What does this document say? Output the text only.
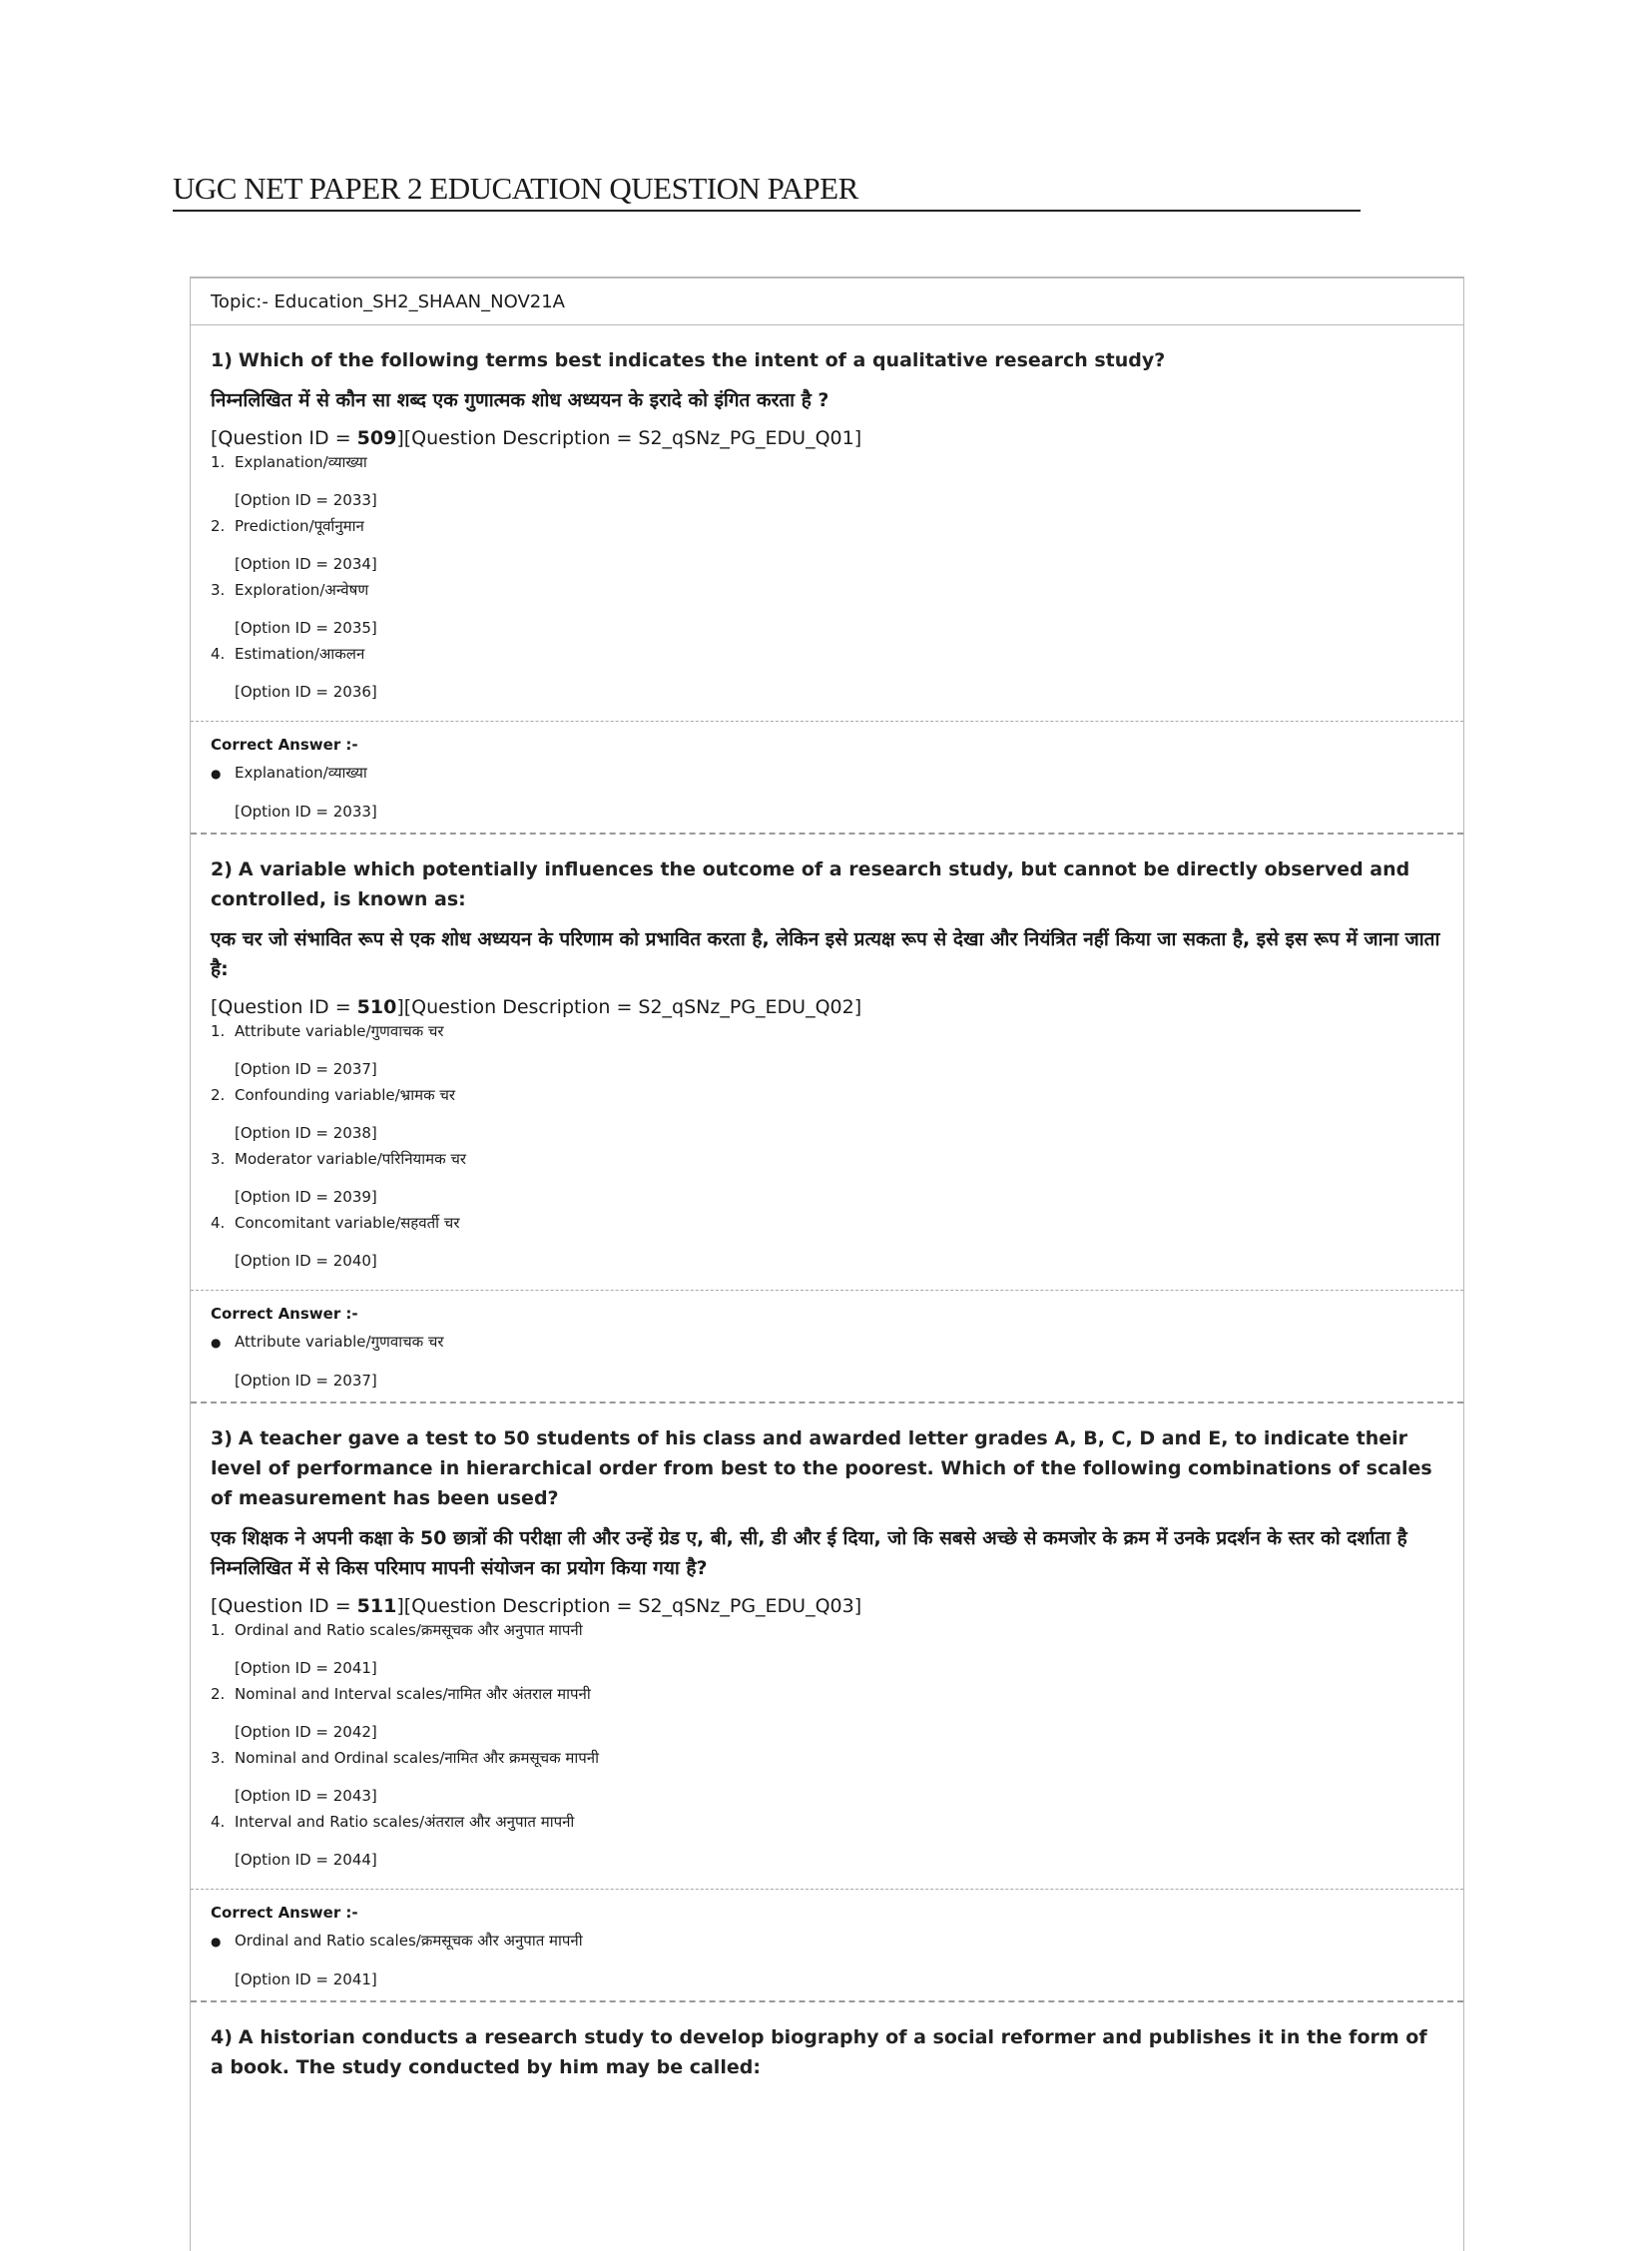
UGC NET PAPER 2 EDUCATION QUESTION PAPER
Topic:- Education_SH2_SHAAN_NOV21A

1) Which of the following terms best indicates the intent of a qualitative research study?

निम्नलिखित में से कौन सा शब्द एक गुणात्मक शोध अध्ययन के इरादे को इंगित करता है ?

[Question ID = 509][Question Description = S2_qSNz_PG_EDU_Q01]

1. Explanation/व्याख्या
[Option ID = 2033]
2. Prediction/पूर्वानुमान
[Option ID = 2034]
3. Exploration/अन्वेषण
[Option ID = 2035]
4. Estimation/आकलन
[Option ID = 2036]
Correct Answer :-
● Explanation/व्याख्या
[Option ID = 2033]

2) A variable which potentially influences the outcome of a research study, but cannot be directly observed and controlled, is known as:

एक चर जो संभावित रूप से एक शोध अध्ययन के परिणाम को प्रभावित करता है, लेकिन इसे प्रत्यक्ष रूप से देखा और नियंत्रित नहीं किया जा सकता है, इसे इस रूप में जाना जाता है:

[Question ID = 510][Question Description = S2_qSNz_PG_EDU_Q02]

1. Attribute variable/गुणवाचक चर
[Option ID = 2037]
2. Confounding variable/भ्रामक चर
[Option ID = 2038]
3. Moderator variable/परिनियामक चर
[Option ID = 2039]
4. Concomitant variable/सहवर्ती चर
[Option ID = 2040]
Correct Answer :-
● Attribute variable/गुणवाचक चर
[Option ID = 2037]

3) A teacher gave a test to 50 students of his class and awarded letter grades A, B, C, D and E, to indicate their level of performance in hierarchical order from best to the poorest. Which of the following combinations of scales of measurement has been used?

एक शिक्षक ने अपनी कक्षा के 50 छात्रों की परीक्षा ली और उन्हें ग्रेड ए, बी, सी, डी और ई दिया, जो कि सबसे अच्छे से कमजोर के क्रम में उनके प्रदर्शन के स्तर को दर्शाता है निम्नलिखित में से किस परिमाप मापनी संयोजन का प्रयोग किया गया है?

[Question ID = 511][Question Description = S2_qSNz_PG_EDU_Q03]

1. Ordinal and Ratio scales/क्रमसूचक और अनुपात मापनी
[Option ID = 2041]
2. Nominal and Interval scales/नामित और अंतराल मापनी
[Option ID = 2042]
3. Nominal and Ordinal scales/नामित और क्रमसूचक मापनी
[Option ID = 2043]
4. Interval and Ratio scales/अंतराल और अनुपात मापनी
[Option ID = 2044]
Correct Answer :-
● Ordinal and Ratio scales/क्रमसूचक और अनुपात मापनी
[Option ID = 2041]

4) A historian conducts a research study to develop biography of a social reformer and publishes it in the form of a book. The study conducted by him may be called:
